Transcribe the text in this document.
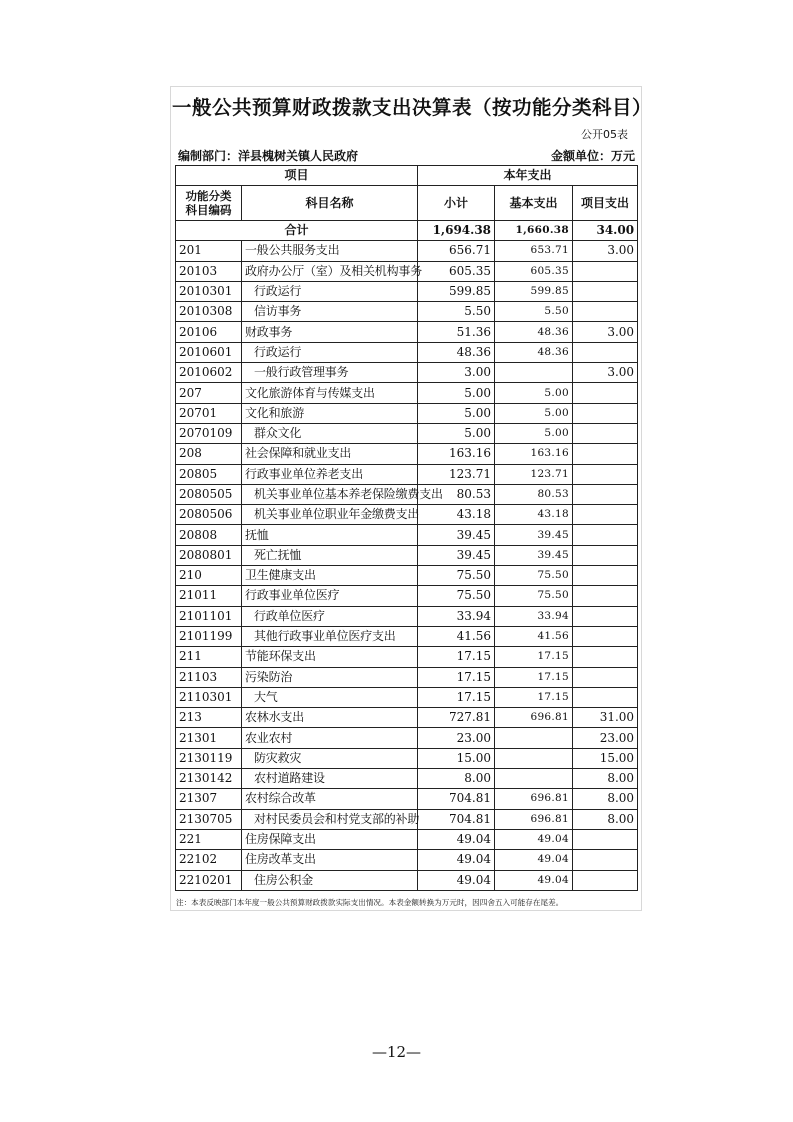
一般公共预算财政拨款支出决算表（按功能分类科目）
公开05表
编制部门：洋县槐树关镇人民政府	金额单位：万元
项目		本年支出		
功能分类
科目编码	科目名称	小计	基本支出	项目支出
合计		1,694.38	1,660.38	34.00
201	一般公共服务支出	656.71	653.71	3.00
20103	政府办公厅（室）及相关机构事务	605.35	605.35	
2010301	行政运行	599.85	599.85	
2010308	信访事务	5.50	5.50	
20106	财政事务	51.36	48.36	3.00
2010601	行政运行	48.36	48.36	
2010602	一般行政管理事务	3.00		3.00
207	文化旅游体育与传媒支出	5.00	5.00	
20701	文化和旅游	5.00	5.00	
2070109	群众文化	5.00	5.00	
208	社会保障和就业支出	163.16	163.16	
20805	行政事业单位养老支出	123.71	123.71	
2080505	机关事业单位基本养老保险缴费支出	80.53	80.53	
2080506	机关事业单位职业年金缴费支出	43.18	43.18	
20808	抚恤	39.45	39.45	
2080801	死亡抚恤	39.45	39.45	
210	卫生健康支出	75.50	75.50	
21011	行政事业单位医疗	75.50	75.50	
2101101	行政单位医疗	33.94	33.94	
2101199	其他行政事业单位医疗支出	41.56	41.56	
211	节能环保支出	17.15	17.15	
21103	污染防治	17.15	17.15	
2110301	大气	17.15	17.15	
213	农林水支出	727.81	696.81	31.00
21301	农业农村	23.00		23.00
2130119	防灾救灾	15.00		15.00
2130142	农村道路建设	8.00		8.00
21307	农村综合改革	704.81	696.81	8.00
2130705	对村民委员会和村党支部的补助	704.81	696.81	8.00
221	住房保障支出	49.04	49.04	
22102	住房改革支出	49.04	49.04	
2210201	住房公积金	49.04	49.04	
注：本表反映部门本年度一般公共预算财政拨款实际支出情况。本表金额转换为万元时，因四舍五入可能存在尾差。
—12—
